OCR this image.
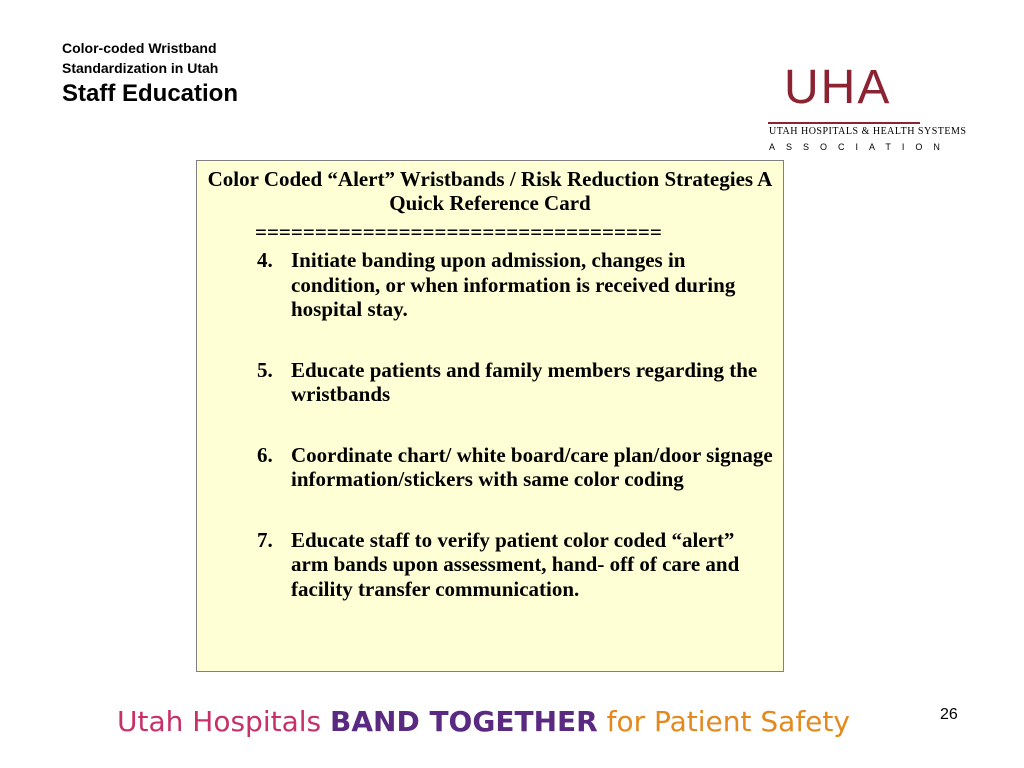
Color-coded Wristband
Standardization in Utah
Staff Education	UHA
UTAH HOSPITALS & HEALTH SYSTEMS
ASSOCIATION
Color Coded “Alert” Wristbands / Risk Reduction Strategies A Quick Reference Card
==================================
4. Initiate banding upon admission, changes in condition, or when information is received during hospital stay.
5. Educate patients and family members regarding the wristbands
6. Coordinate chart/ white board/care plan/door signage information/stickers with same color coding
7. Educate staff to verify patient color coded “alert” arm bands upon assessment, hand- off of care and facility transfer communication.
Utah Hospitals BAND TOGETHER for Patient Safety	26
